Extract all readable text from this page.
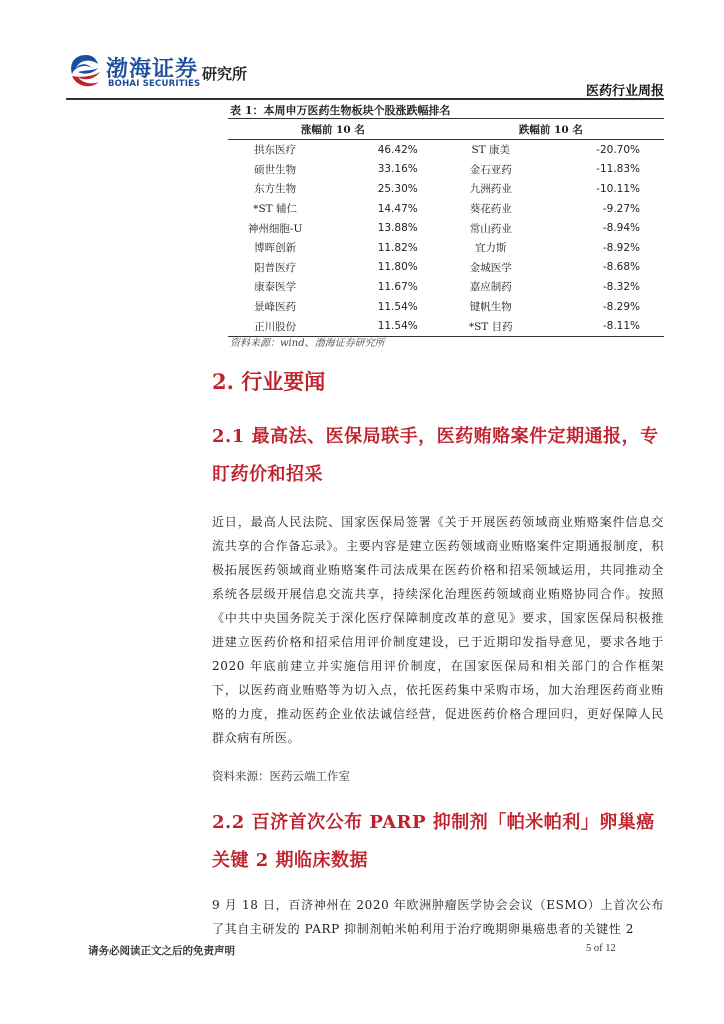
渤海证券
BOHAI SECURITIES
研究所
医药行业周报
表 1：本周申万医药生物板块个股涨跌幅排名
涨幅前 10 名		跌幅前 10 名	
拱东医疗	46.42%	ST 康美	-20.70%
硕世生物	33.16%	金石亚药	-11.83%
东方生物	25.30%	九洲药业	-10.11%
*ST 辅仁	14.47%	葵花药业	-9.27%
神州细胞-U	13.88%	常山药业	-8.94%
博晖创新	11.82%	宜力斯	-8.92%
阳普医疗	11.80%	金城医学	-8.68%
康泰医学	11.67%	嘉应制药	-8.32%
景峰医药	11.54%	键帆生物	-8.29%
正川股份	11.54%	*ST 目药	-8.11%
资料来源：wind、渤海证券研究所
2. 行业要闻
2.1 最高法、医保局联手，医药贿赂案件定期通报，专盯药价和招采
近日，最高人民法院、国家医保局签署《关于开展医药领域商业贿赂案件信息交流共享的合作备忘录》。主要内容是建立医药领域商业贿赂案件定期通报制度，积极拓展医药领域商业贿赂案件司法成果在医药价格和招采领域运用，共同推动全系统各层级开展信息交流共享，持续深化治理医药领域商业贿赂协同合作。按照《中共中央国务院关于深化医疗保障制度改革的意见》要求，国家医保局积极推进建立医药价格和招采信用评价制度建设，已于近期印发指导意见，要求各地于 2020 年底前建立并实施信用评价制度，在国家医保局和相关部门的合作框架下，以医药商业贿赂等为切入点，依托医药集中采购市场，加大治理医药商业贿赂的力度，推动医药企业依法诚信经营，促进医药价格合理回归，更好保障人民群众病有所医。
资料来源：医药云端工作室
2.2 百济首次公布 PARP 抑制剂「帕米帕利」卵巢癌关键 2 期临床数据
9 月 18 日，百济神州在 2020 年欧洲肿瘤医学协会会议（ESMO）上首次公布了其自主研发的 PARP 抑制剂帕米帕利用于治疗晚期卵巢癌患者的关键性 2
请务必阅读正文之后的免责声明	5 of 12
